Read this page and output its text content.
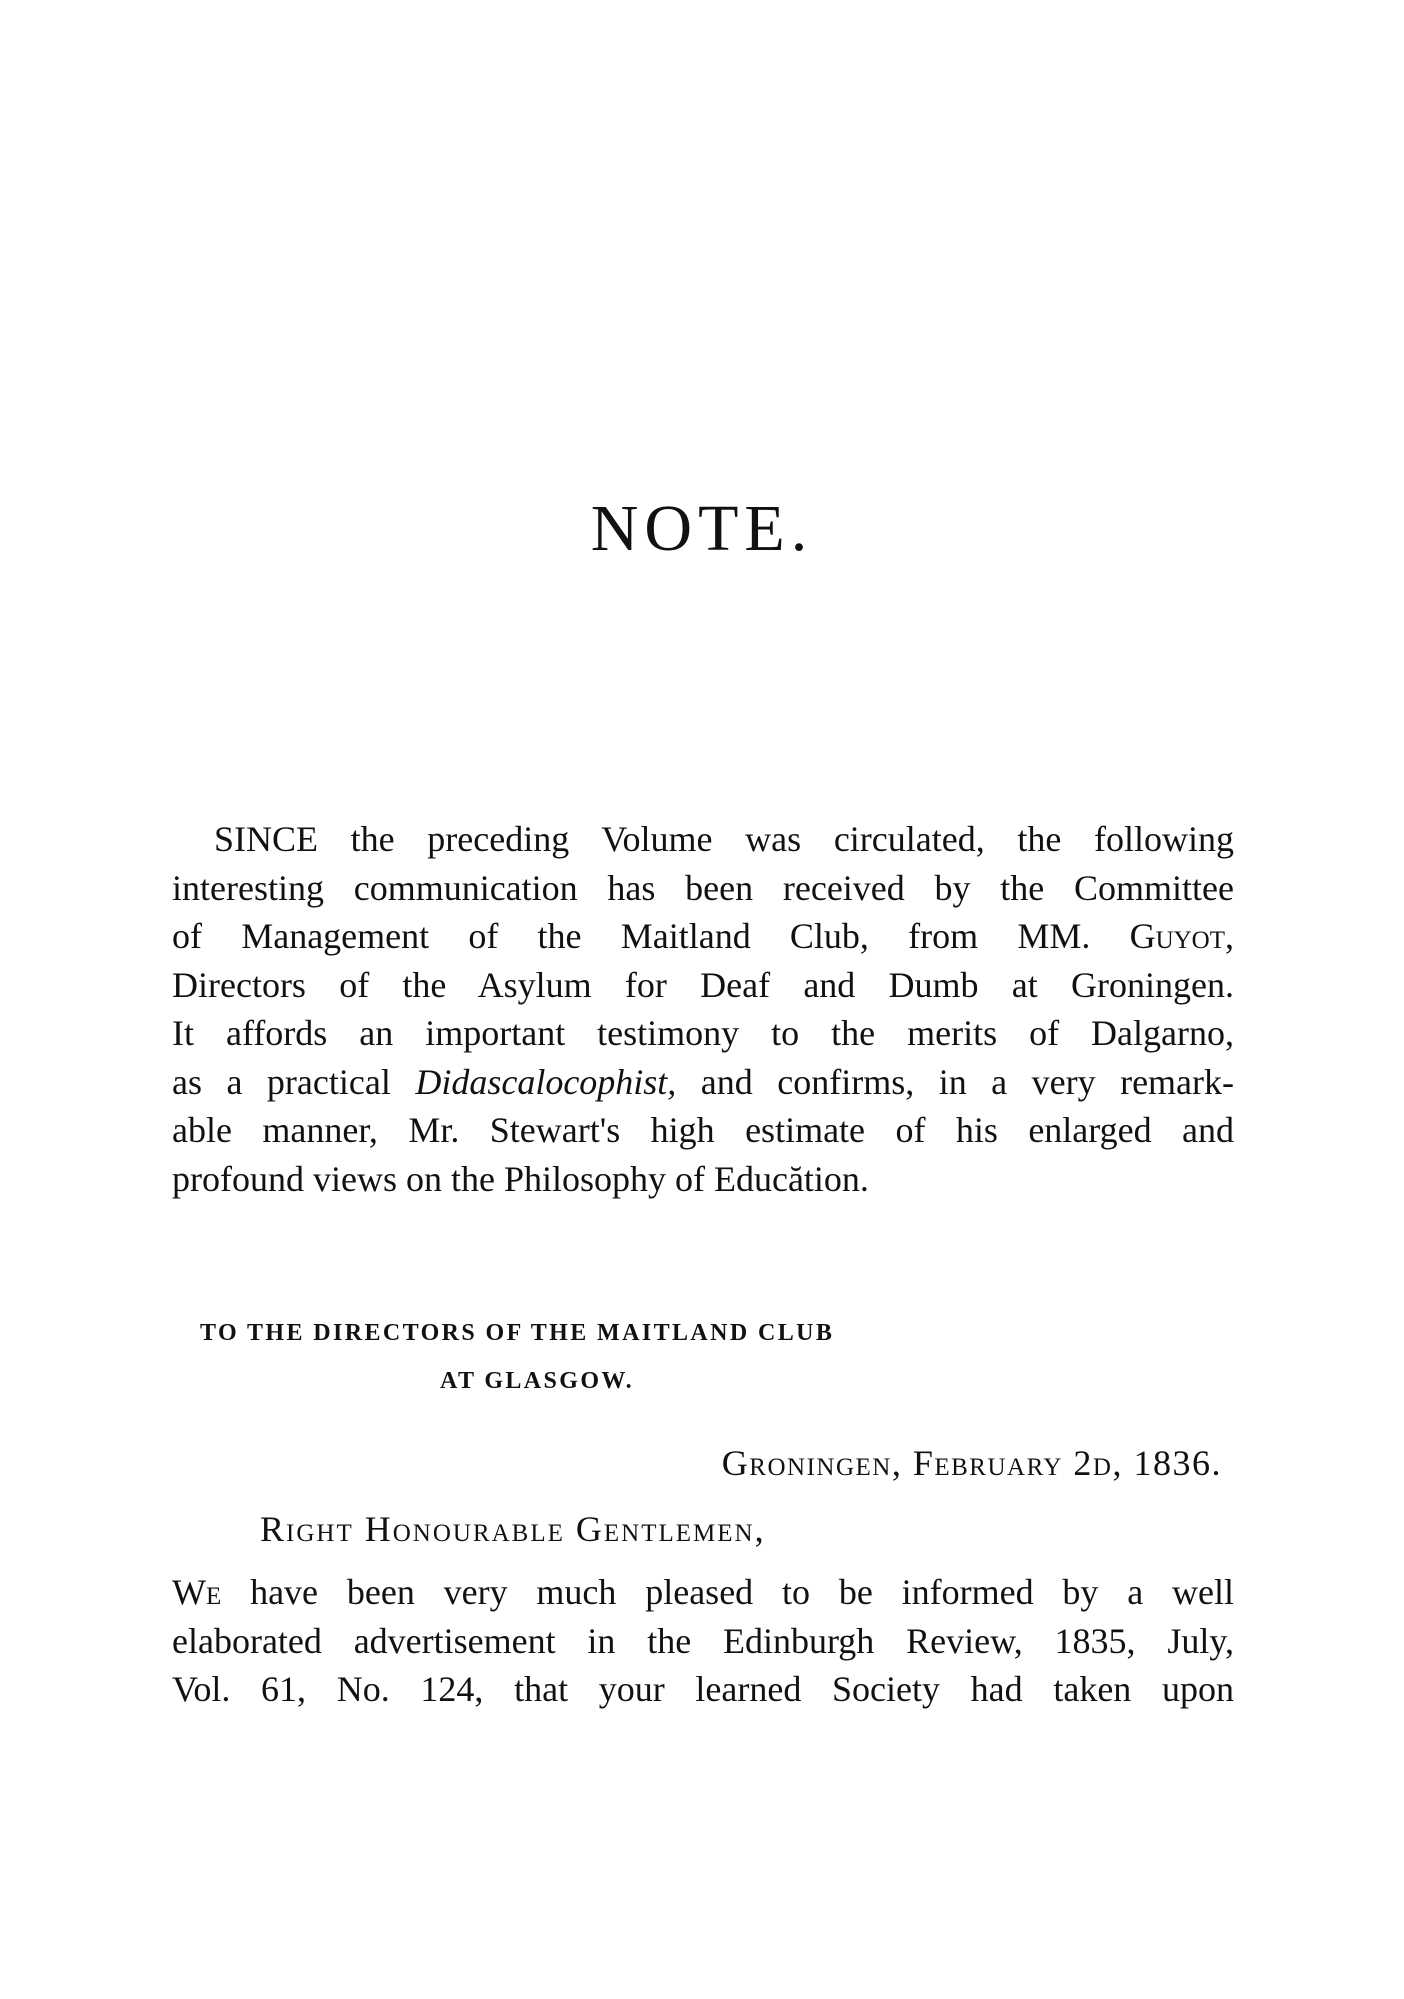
NOTE.
SINCE the preceding Volume was circulated, the following
interesting communication has been received by the Committee
of Management of the Maitland Club, from MM. Guyot,
Directors of the Asylum for Deaf and Dumb at Groningen.
It affords an important testimony to the merits of Dalgarno,
as a practical Didascalocophist, and confirms, in a very remark-
able manner, Mr. Stewart's high estimate of his enlarged and
profound views on the Philosophy of Educătion.
TO THE DIRECTORS OF THE MAITLAND CLUB
AT GLASGOW.
Groningen, February 2d, 1836.
Right Honourable Gentlemen,
We have been very much pleased to be informed by a well
elaborated advertisement in the Edinburgh Review, 1835, July,
Vol. 61, No. 124, that your learned Society had taken upon
